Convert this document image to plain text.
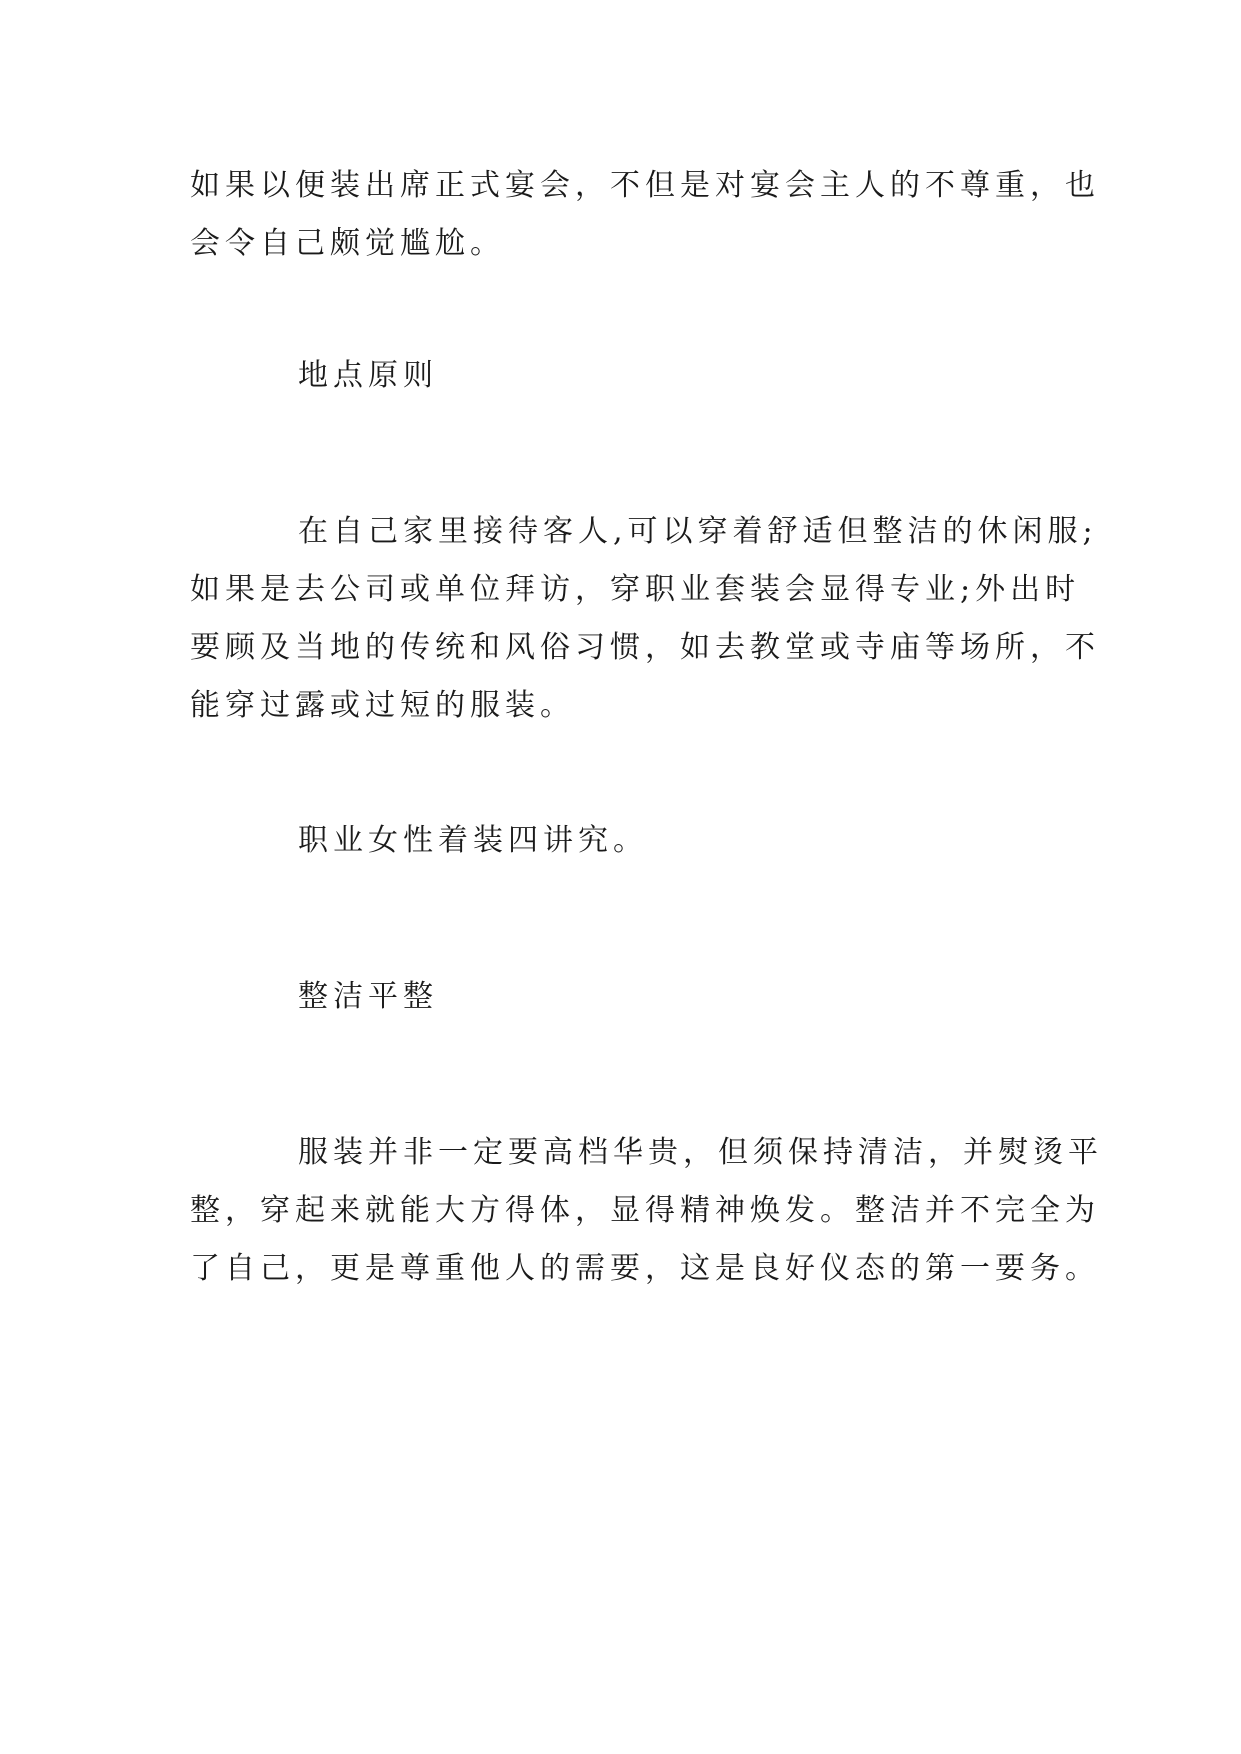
如果以便装出席正式宴会，不但是对宴会主人的不尊重，也
会令自己颇觉尴尬。
地点原则
在自己家里接待客人,可以穿着舒适但整洁的休闲服;
如果是去公司或单位拜访，穿职业套装会显得专业;外出时
要顾及当地的传统和风俗习惯，如去教堂或寺庙等场所，不
能穿过露或过短的服装。
职业女性着装四讲究。
整洁平整
服装并非一定要高档华贵，但须保持清洁，并熨烫平
整，穿起来就能大方得体，显得精神焕发。整洁并不完全为
了自己，更是尊重他人的需要，这是良好仪态的第一要务。
